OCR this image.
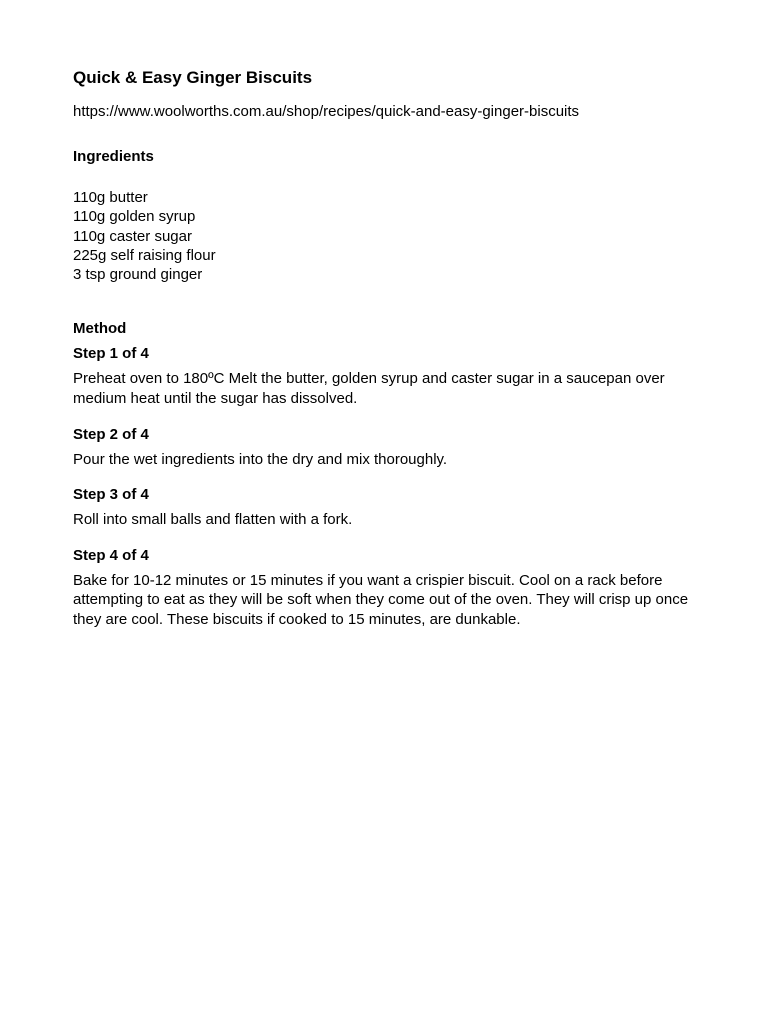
Quick & Easy Ginger Biscuits
https://www.woolworths.com.au/shop/recipes/quick-and-easy-ginger-biscuits
Ingredients
110g butter
110g golden syrup
110g caster sugar
225g self raising flour
3 tsp ground ginger
Method
Step 1 of 4
Preheat oven to 180ºC Melt the butter, golden syrup and caster sugar in a saucepan over medium heat until the sugar has dissolved.
Step 2 of 4
Pour the wet ingredients into the dry and mix thoroughly.
Step 3 of 4
Roll into small balls and flatten with a fork.
Step 4 of 4
Bake for 10-12 minutes or 15 minutes if you want a crispier biscuit. Cool on a rack before attempting to eat as they will be soft when they come out of the oven. They will crisp up once they are cool. These biscuits if cooked to 15 minutes, are dunkable.
